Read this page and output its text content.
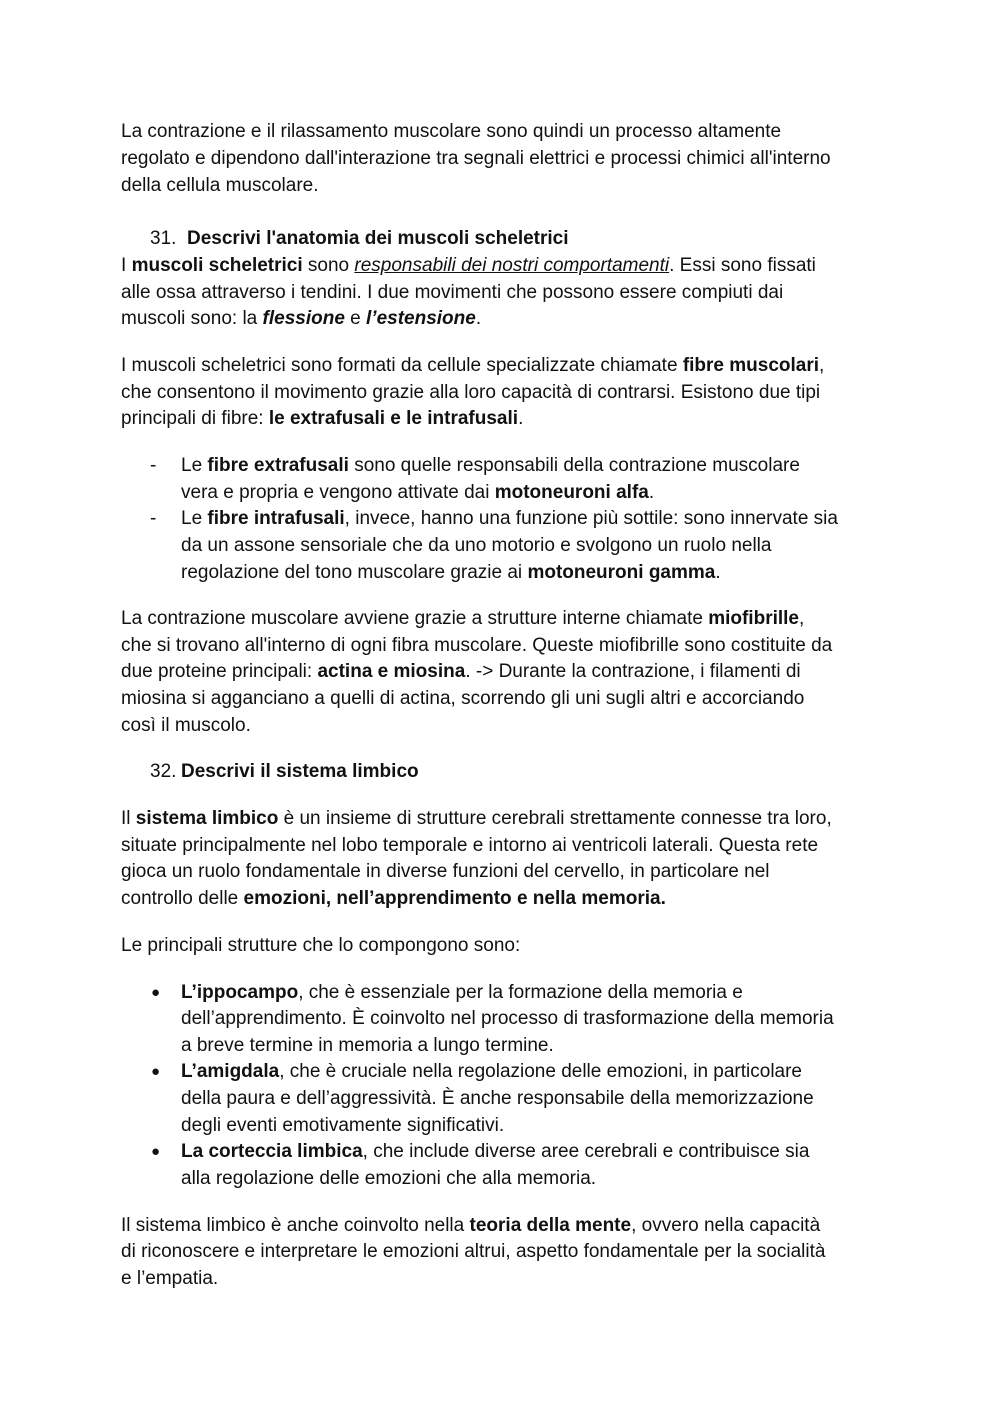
La contrazione e il rilassamento muscolare sono quindi un processo altamente
regolato e dipendono dall'interazione tra segnali elettrici e processi chimici all'interno
della cellula muscolare.
31. Descrivi l'anatomia dei muscoli scheletrici
I muscoli scheletrici sono responsabili dei nostri comportamenti. Essi sono fissati
alle ossa attraverso i tendini. I due movimenti che possono essere compiuti dai
muscoli sono: la flessione e l’estensione.
I muscoli scheletrici sono formati da cellule specializzate chiamate fibre muscolari,
che consentono il movimento grazie alla loro capacità di contrarsi. Esistono due tipi
principali di fibre: le extrafusali e le intrafusali.
- Le fibre extrafusali sono quelle responsabili della contrazione muscolare
vera e propria e vengono attivate dai motoneuroni alfa.
- Le fibre intrafusali, invece, hanno una funzione più sottile: sono innervate sia
da un assone sensoriale che da uno motorio e svolgono un ruolo nella
regolazione del tono muscolare grazie ai motoneuroni gamma.
La contrazione muscolare avviene grazie a strutture interne chiamate miofibrille,
che si trovano all'interno di ogni fibra muscolare. Queste miofibrille sono costituite da
due proteine principali: actina e miosina. -> Durante la contrazione, i filamenti di
miosina si agganciano a quelli di actina, scorrendo gli uni sugli altri e accorciando
così il muscolo.
32. Descrivi il sistema limbico
Il sistema limbico è un insieme di strutture cerebrali strettamente connesse tra loro,
situate principalmente nel lobo temporale e intorno ai ventricoli laterali. Questa rete
gioca un ruolo fondamentale in diverse funzioni del cervello, in particolare nel
controllo delle emozioni, nell’apprendimento e nella memoria.
Le principali strutture che lo compongono sono:
● L’ippocampo, che è essenziale per la formazione della memoria e
dell’apprendimento. È coinvolto nel processo di trasformazione della memoria
a breve termine in memoria a lungo termine.
● L’amigdala, che è cruciale nella regolazione delle emozioni, in particolare
della paura e dell’aggressività. È anche responsabile della memorizzazione
degli eventi emotivamente significativi.
● La corteccia limbica, che include diverse aree cerebrali e contribuisce sia
alla regolazione delle emozioni che alla memoria.
Il sistema limbico è anche coinvolto nella teoria della mente, ovvero nella capacità
di riconoscere e interpretare le emozioni altrui, aspetto fondamentale per la socialità
e l’empatia.
